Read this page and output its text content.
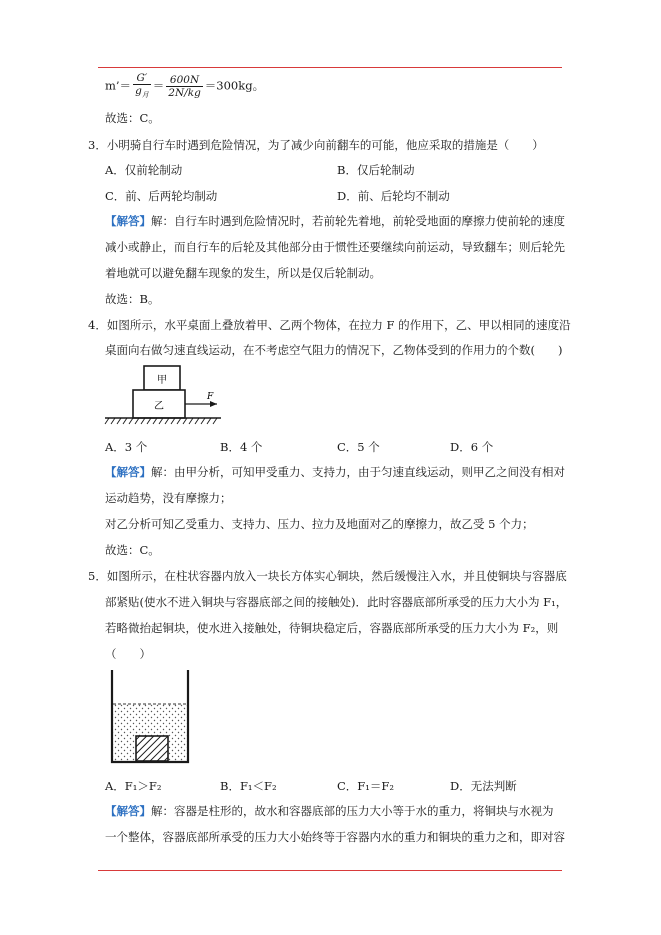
m’＝ $\frac{G'}{g_月} = \frac{600N}{2N/kg} =300kg$。
故选：C。
3．小明骑自行车时遇到危险情况，为了减少向前翻车的可能，他应采取的措施是（　　）
A．仅前轮制动	B．仅后轮制动
C．前、后两轮均制动	D．前、后轮均不制动
【解答】解：自行车时遇到危险情况时，若前轮先着地，前轮受地面的摩擦力使前轮的速度
减小或静止，而自行车的后轮及其他部分由于惯性还要继续向前运动，导致翻车；则后轮先
着地就可以避免翻车现象的发生，所以是仅后轮制动。
故选：B。
4．如图所示，水平桌面上叠放着甲、乙两个物体，在拉力 F 的作用下，乙、甲以相同的速度沿
桌面向右做匀速直线运动，在不考虑空气阻力的情况下，乙物体受到的作用力的个数(　　)
甲
乙
F
A．3 个	B．4 个	C．5 个	D．6 个
【解答】解：由甲分析，可知甲受重力、支持力，由于匀速直线运动，则甲乙之间没有相对
运动趋势，没有摩擦力；
对乙分析可知乙受重力、支持力、压力、拉力及地面对乙的摩擦力，故乙受 5 个力；
故选：C。
5．如图所示，在柱状容器内放入一块长方体实心铜块，然后缓慢注入水，并且使铜块与容器底
部紧贴(使水不进入铜块与容器底部之间的接触处)．此时容器底部所承受的压力大小为 F₁，
若略微抬起铜块，使水进入接触处，待铜块稳定后，容器底部所承受的压力大小为 F₂，则
（　　）
A．F₁＞F₂	B．F₁＜F₂	C．F₁＝F₂	D．无法判断
【解答】解：容器是柱形的，故水和容器底部的压力大小等于水的重力，将铜块与水视为
一个整体，容器底部所承受的压力大小始终等于容器内水的重力和铜块的重力之和，即对容
